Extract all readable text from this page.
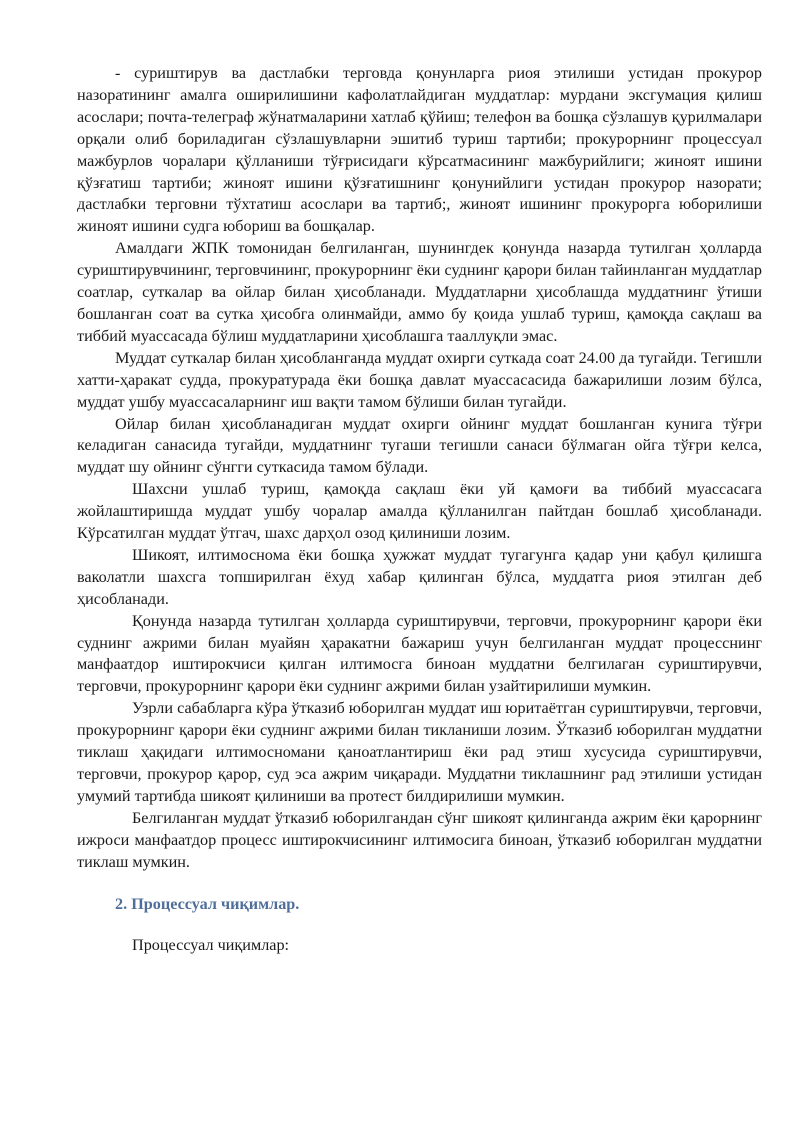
- суриштирув ва дастлабки терговда қонунларга риоя этилиши устидан прокурор назоратининг амалга оширилишини кафолатлайдиган муддатлар: мурдани эксгумация қилиш асослари; почта-телеграф жўнатмаларини хатлаб қўйиш; телефон ва бошқа сўзлашув қурилмалари орқали олиб бориладиган сўзлашувларни эшитиб туриш тартиби; прокурорнинг процессуал мажбурлов чоралари қўлланиши тўғрисидаги кўрсатмасининг мажбурийлиги; жиноят ишини қўзғатиш тартиби; жиноят ишини қўзғатишнинг қонунийлиги устидан прокурор назорати; дастлабки терговни тўхтатиш асослари ва тартиб;, жиноят ишининг прокурорга юборилиши жиноят ишини судга юбориш ва бошқалар.

Амалдаги ЖПК томонидан белгиланган, шунингдек қонунда назарда тутилган ҳолларда суриштирувчининг, терговчининг, прокурорнинг ёки суднинг қарори билан тайинланган муддатлар соатлар, суткалар ва ойлар билан ҳисобланади. Муддатларни ҳисоблашда муддатнинг ўтиши бошланган соат ва сутка ҳисобга олинмайди, аммо бу қоида ушлаб туриш, қамоқда сақлаш ва тиббий муассасада бўлиш муддатларини ҳисоблашга тааллуқли эмас.

Муддат суткалар билан ҳисобланганда муддат охирги суткада соат 24.00 да тугайди. Тегишли хатти-ҳаракат судда, прокуратурада ёки бошқа давлат муассасасида бажарилиши лозим бўлса, муддат ушбу муассасаларнинг иш вақти тамом бўлиши билан тугайди.

Ойлар билан ҳисобланадиган муддат охирги ойнинг муддат бошланган кунига тўғри келадиган санасида тугайди, муддатнинг тугаши тегишли санаси бўлмаган ойга тўғри келса, муддат шу ойнинг сўнгги суткасида тамом бўлади.

Шахсни ушлаб туриш, қамоқда сақлаш ёки уй қамоғи ва тиббий муассасага жойлаштиришда муддат ушбу чоралар амалда қўлланилган пайтдан бошлаб ҳисобланади. Кўрсатилган муддат ўтгач, шахс дарҳол озод қилиниши лозим.

Шикоят, илтимоснома ёки бошқа ҳужжат муддат тугагунга қадар уни қабул қилишга ваколатли шахсга топширилган ёхуд хабар қилинган бўлса, муддатга риоя этилган деб ҳисобланади.

Қонунда назарда тутилган ҳолларда суриштирувчи, терговчи, прокурорнинг қарори ёки суднинг ажрими билан муайян ҳаракатни бажариш учун белгиланган муддат процесснинг манфаатдор иштирокчиси қилган илтимосга биноан муддатни белгилаган суриштирувчи, терговчи, прокурорнинг қарори ёки суднинг ажрими билан узайтирилиши мумкин.

Узрли сабабларга кўра ўтказиб юборилган муддат иш юритаётган суриштирувчи, терговчи, прокурорнинг қарори ёки суднинг ажрими билан тикланиши лозим. Ўтказиб юборилган муддатни тиклаш ҳақидаги илтимосномани қаноатлантириш ёки рад этиш хусусида суриштирувчи, терговчи, прокурор қарор, суд эса ажрим чиқаради. Муддатни тиклашнинг рад этилиши устидан умумий тартибда шикоят қилиниши ва протест билдирилиши мумкин.

Белгиланган муддат ўтказиб юборилгандан сўнг шикоят қилинганда ажрим ёки қарорнинг ижроси манфаатдор процесс иштирокчисининг илтимосига биноан, ўтказиб юборилган муддатни тиклаш мумкин.

2. Процессуал чиқимлар.

Процессуал чиқимлар:
